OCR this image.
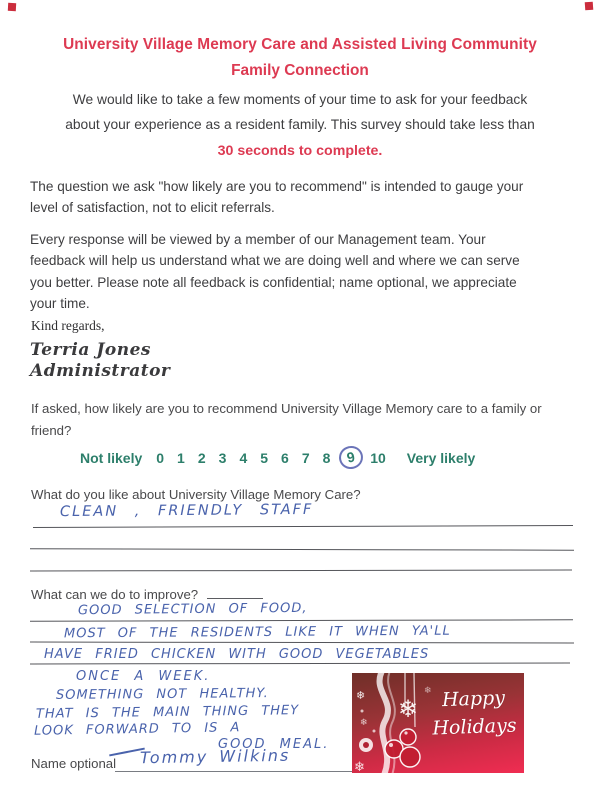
University Village Memory Care and Assisted Living Community
Family Connection
We would like to take a few moments of your time to ask for your feedback
about your experience as a resident family. This survey should take less than
30 seconds to complete.
The question we ask "how likely are you to recommend" is intended to gauge your
level of satisfaction, not to elicit referrals.
Every response will be viewed by a member of our Management team. Your
feedback will help us understand what we are doing well and where we can serve
you better. Please note all feedback is confidential; name optional, we appreciate
your time.
Kind regards,
Terria Jones
Administrator
If asked, how likely are you to recommend University Village Memory care to a family or
friend?
Not likely 0 1 2 3 4 5 6 7 8	9 10 Very likely
What do you like about University Village Memory Care?
CLEAN , FRIENDLY STAFF
What can we do to improve?
GOOD SELECTION OF FOOD,
MOST OF THE RESIDENTS LIKE IT WHEN YA'LL
HAVE FRIED CHICKEN WITH GOOD VEGETABLES
ONCE A WEEK.
SOMETHING NOT HEALTHY.
THAT IS THE MAIN THING THEY
LOOK FORWARD TO IS A
GOOD MEAL.
Name optional Tommy Wilkins
❄
❄	❄
❄
❄
Happy
Holidays
